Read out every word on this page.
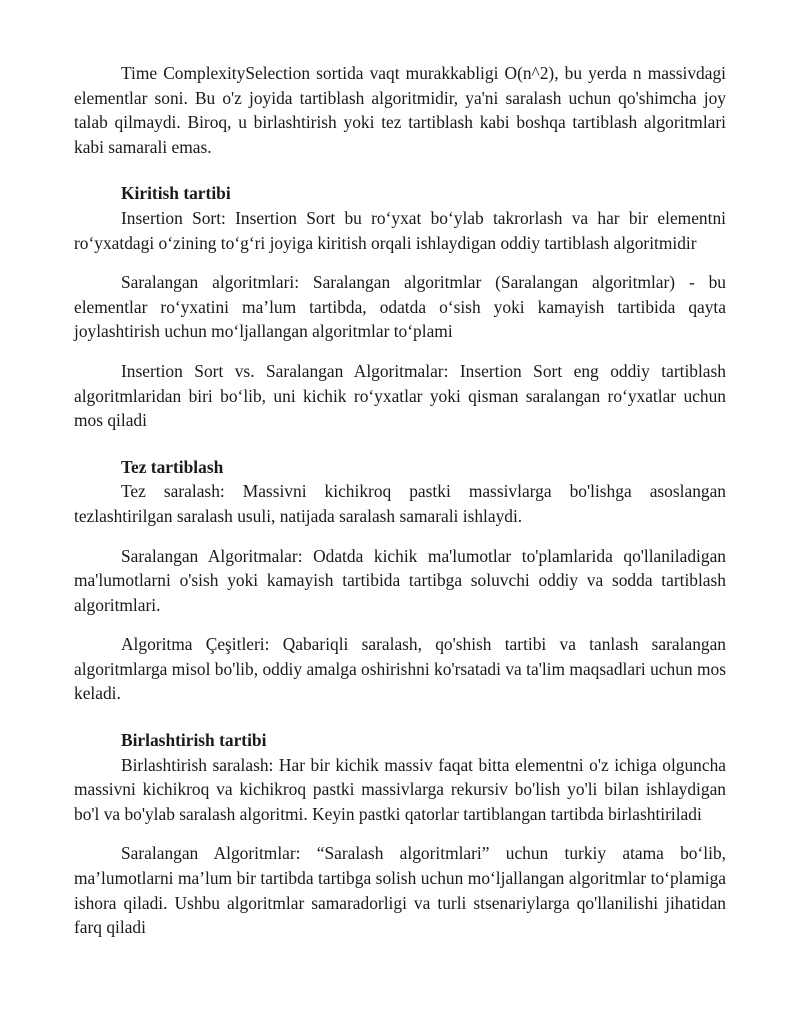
Time ComplexitySelection sortida vaqt murakkabligi O(n^2), bu yerda n massivdagi elementlar soni. Bu o'z joyida tartiblash algoritmidir, ya'ni saralash uchun qo'shimcha joy talab qilmaydi. Biroq, u birlashtirish yoki tez tartiblash kabi boshqa tartiblash algoritmlari kabi samarali emas.

Kiritish tartibi

Insertion Sort: Insertion Sort bu ro‘yxat bo‘ylab takrorlash va har bir elementni ro‘yxatdagi o‘zining to‘g‘ri joyiga kiritish orqali ishlaydigan oddiy tartiblash algoritmidir

Saralangan algoritmlari: Saralangan algoritmlar (Saralangan algoritmlar) - bu elementlar ro‘yxatini ma’lum tartibda, odatda o‘sish yoki kamayish tartibida qayta joylashtirish uchun mo‘ljallangan algoritmlar to‘plami

Insertion Sort vs. Saralangan Algoritmalar: Insertion Sort eng oddiy tartiblash algoritmlaridan biri bo‘lib, uni kichik ro‘yxatlar yoki qisman saralangan ro‘yxatlar uchun mos qiladi

Tez tartiblash

Tez saralash: Massivni kichikroq pastki massivlarga bo'lishga asoslangan tezlashtirilgan saralash usuli, natijada saralash samarali ishlaydi.

Saralangan Algoritmalar: Odatda kichik ma'lumotlar to'plamlarida qo'llaniladigan ma'lumotlarni o'sish yoki kamayish tartibida tartibga soluvchi oddiy va sodda tartiblash algoritmlari.

Algoritma Çeşitleri: Qabariqli saralash, qo'shish tartibi va tanlash saralangan algoritmlarga misol bo'lib, oddiy amalga oshirishni ko'rsatadi va ta'lim maqsadlari uchun mos keladi.

Birlashtirish tartibi

Birlashtirish saralash: Har bir kichik massiv faqat bitta elementni o'z ichiga olguncha massivni kichikroq va kichikroq pastki massivlarga rekursiv bo'lish yo'li bilan ishlaydigan bo'l va bo'ylab saralash algoritmi. Keyin pastki qatorlar tartiblangan tartibda birlashtiriladi

Saralangan Algoritmlar: “Saralash algoritmlari” uchun turkiy atama bo‘lib, ma’lumotlarni ma’lum bir tartibda tartibga solish uchun mo‘ljallangan algoritmlar to‘plamiga ishora qiladi. Ushbu algoritmlar samaradorligi va turli stsenariylarga qo'llanilishi jihatidan farq qiladi
